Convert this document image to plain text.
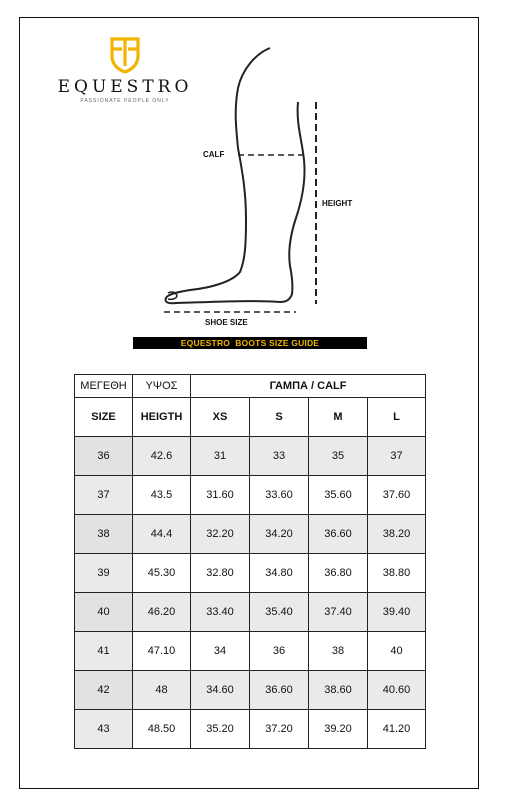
EQUESTRO
PASSIONATE PEOPLE ONLY
CALF
HEIGHT
SHOE SIZE
EQUESTRO  BOOTS SIZE GUIDE
ΜΕΓΕΘΗ	ΥΨΟΣ	ΓΑΜΠΑ / CALF			
SIZE	HEIGTH	XS	S	M	L
36	42.6	31	33	35	37
37	43.5	31.60	33.60	35.60	37.60
38	44.4	32.20	34.20	36.60	38.20
39	45.30	32.80	34.80	36.80	38.80
40	46.20	33.40	35.40	37.40	39.40
41	47.10	34	36	38	40
42	48	34.60	36.60	38.60	40.60
43	48.50	35.20	37.20	39.20	41.20
